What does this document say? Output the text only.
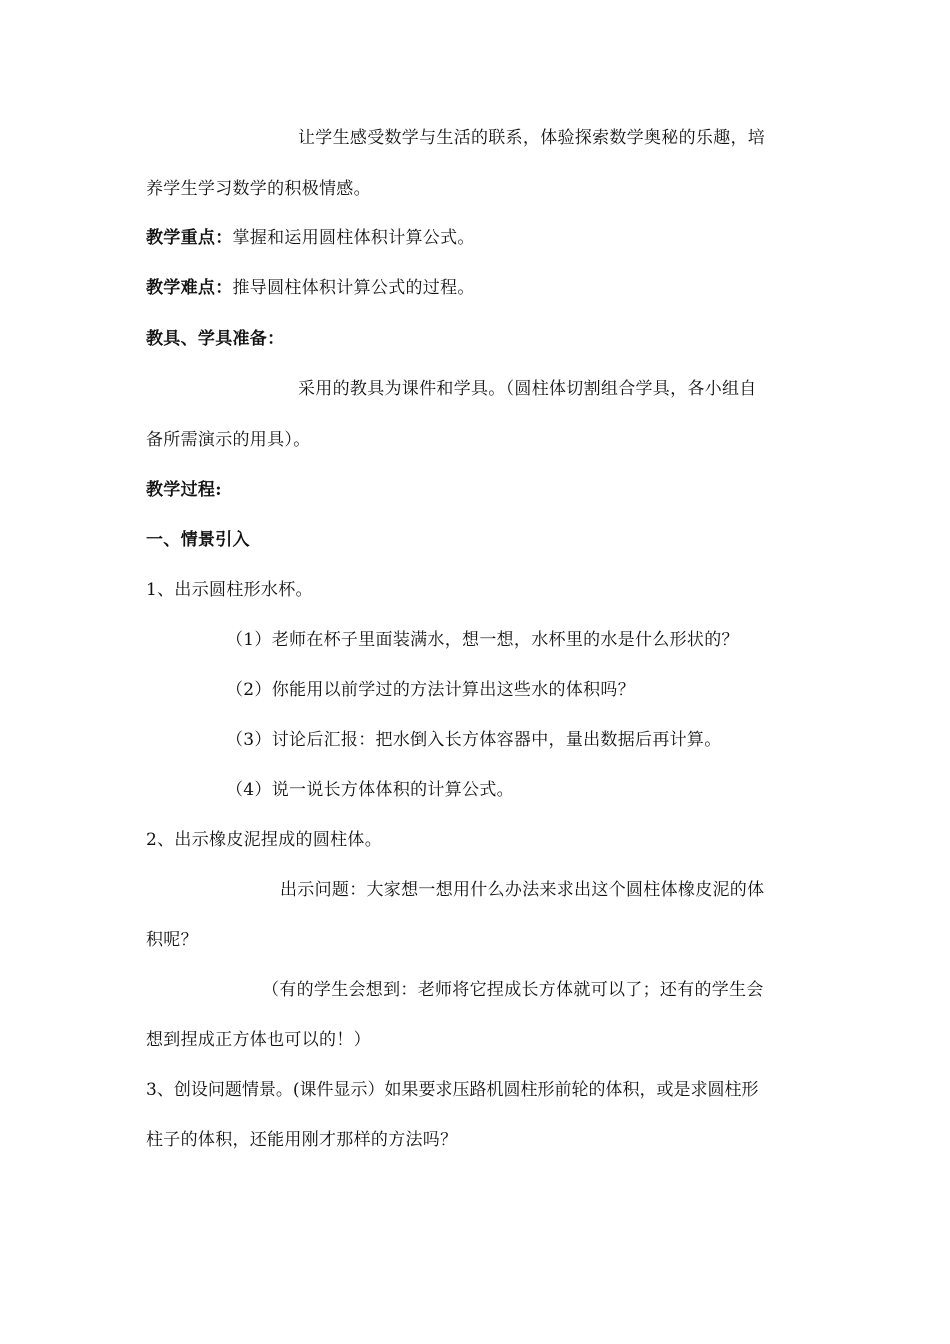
让学生感受数学与生活的联系，体验探索数学奥秘的乐趣，培
养学生学习数学的积极情感。
教学重点：掌握和运用圆柱体积计算公式。
教学难点：推导圆柱体积计算公式的过程。
教具、学具准备：
采用的教具为课件和学具。（圆柱体切割组合学具，各小组自
备所需演示的用具）。
教学过程:
一、情景引入
1、出示圆柱形水杯。
（1）老师在杯子里面装满水，想一想，水杯里的水是什么形状的？
（2）你能用以前学过的方法计算出这些水的体积吗？
（3）讨论后汇报：把水倒入长方体容器中，量出数据后再计算。
（4）说一说长方体体积的计算公式。
2、出示橡皮泥捏成的圆柱体。
出示问题：大家想一想用什么办法来求出这个圆柱体橡皮泥的体
积呢？
（有的学生会想到：老师将它捏成长方体就可以了；还有的学生会
想到捏成正方体也可以的！）
3、创设问题情景。(课件显示）如果要求压路机圆柱形前轮的体积，或是求圆柱形
柱子的体积，还能用刚才那样的方法吗？
